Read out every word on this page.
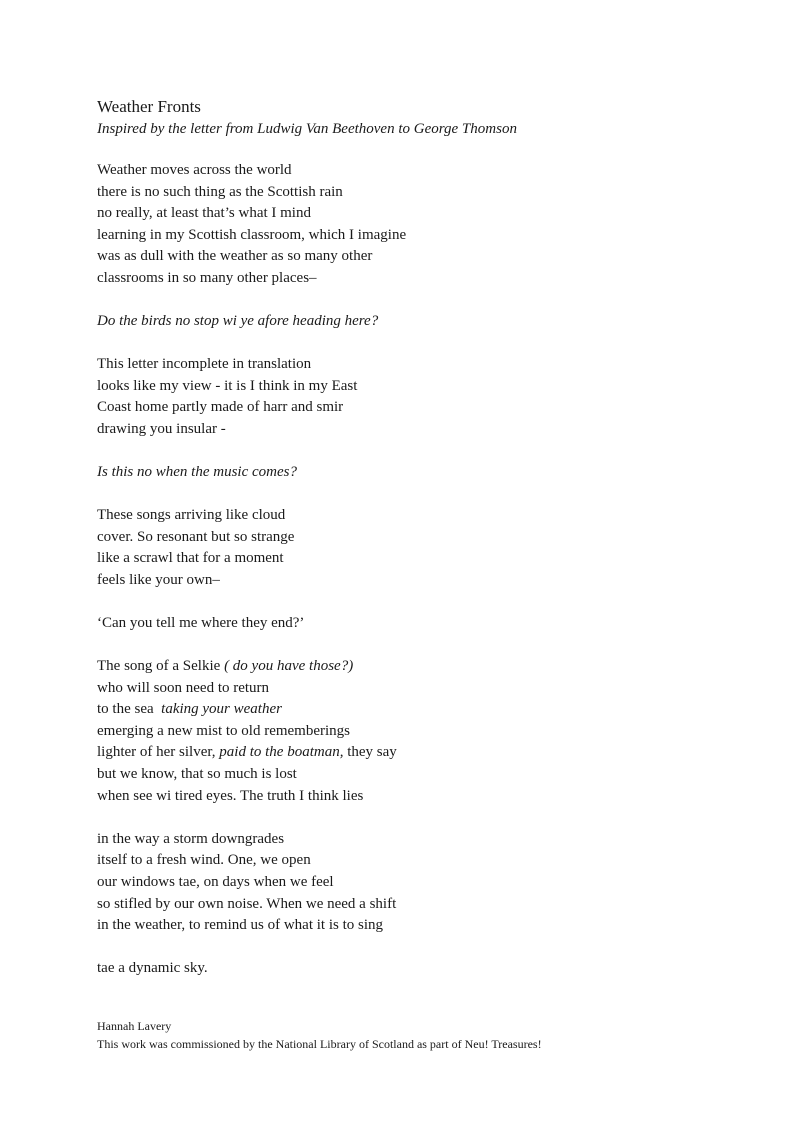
Weather Fronts

Inspired by the letter from Ludwig Van Beethoven to George Thomson

Weather moves across the world
there is no such thing as the Scottish rain
no really, at least that’s what I mind
learning in my Scottish classroom, which I imagine
was as dull with the weather as so many other
classrooms in so many other places–
Do the birds no stop wi ye afore heading here?
This letter incomplete in translation
looks like my view - it is I think in my East
Coast home partly made of harr and smir
drawing you insular -
Is this no when the music comes?
These songs arriving like cloud
cover. So resonant but so strange
like a scrawl that for a moment
feels like your own–
‘Can you tell me where they end?’
The song of a Selkie ( do you have those?)
who will soon need to return
to the sea  taking your weather
emerging a new mist to old rememberings
lighter of her silver, paid to the boatman, they say
but we know, that so much is lost
when see wi tired eyes. The truth I think lies
in the way a storm downgrades
itself to a fresh wind. One, we open
our windows tae, on days when we feel
so stifled by our own noise. When we need a shift
in the weather, to remind us of what it is to sing
tae a dynamic sky.
Hannah Lavery
This work was commissioned by the National Library of Scotland as part of Neu! Treasures!
